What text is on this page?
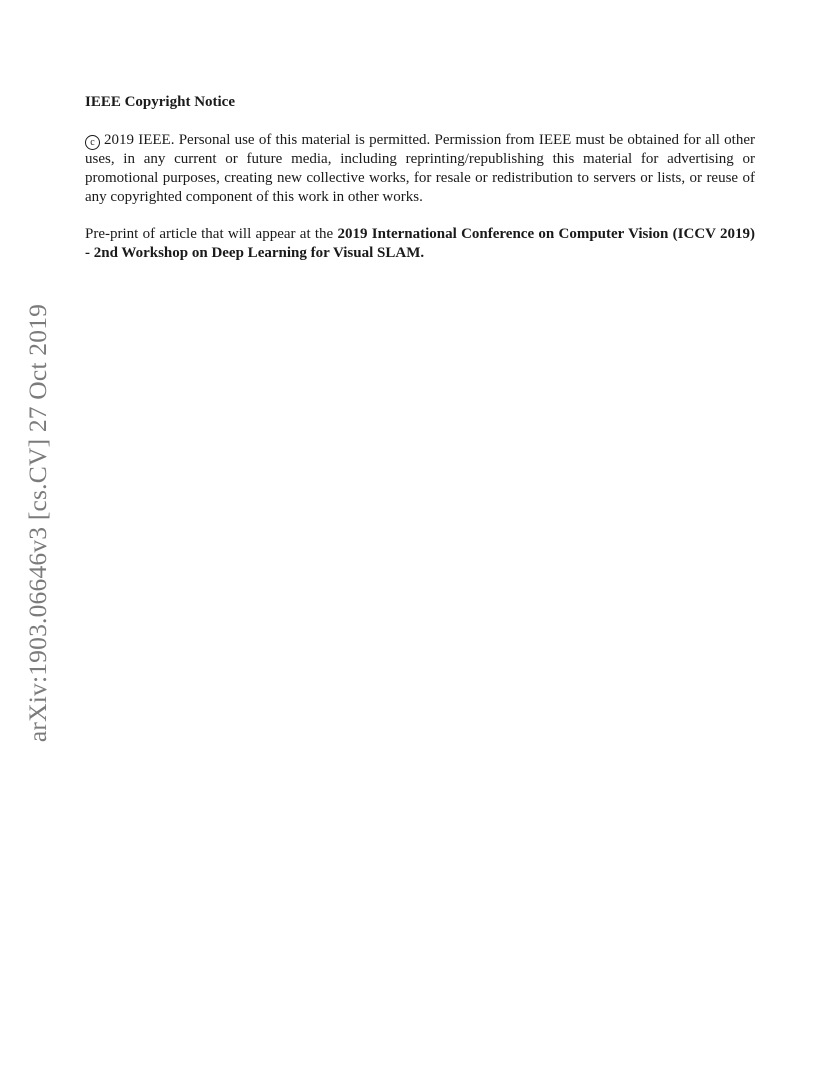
arXiv:1903.06646v3 [cs.CV] 27 Oct 2019
IEEE Copyright Notice

c 2019 IEEE. Personal use of this material is permitted. Permission from IEEE must be obtained for all other uses, in any current or future media, including reprinting/republishing this material for advertising or promotional purposes, creating new collective works, for resale or redistribution to servers or lists, or reuse of any copyrighted component of this work in other works.

Pre-print of article that will appear at the 2019 International Conference on Computer Vision (ICCV 2019) - 2nd Workshop on Deep Learning for Visual SLAM.
